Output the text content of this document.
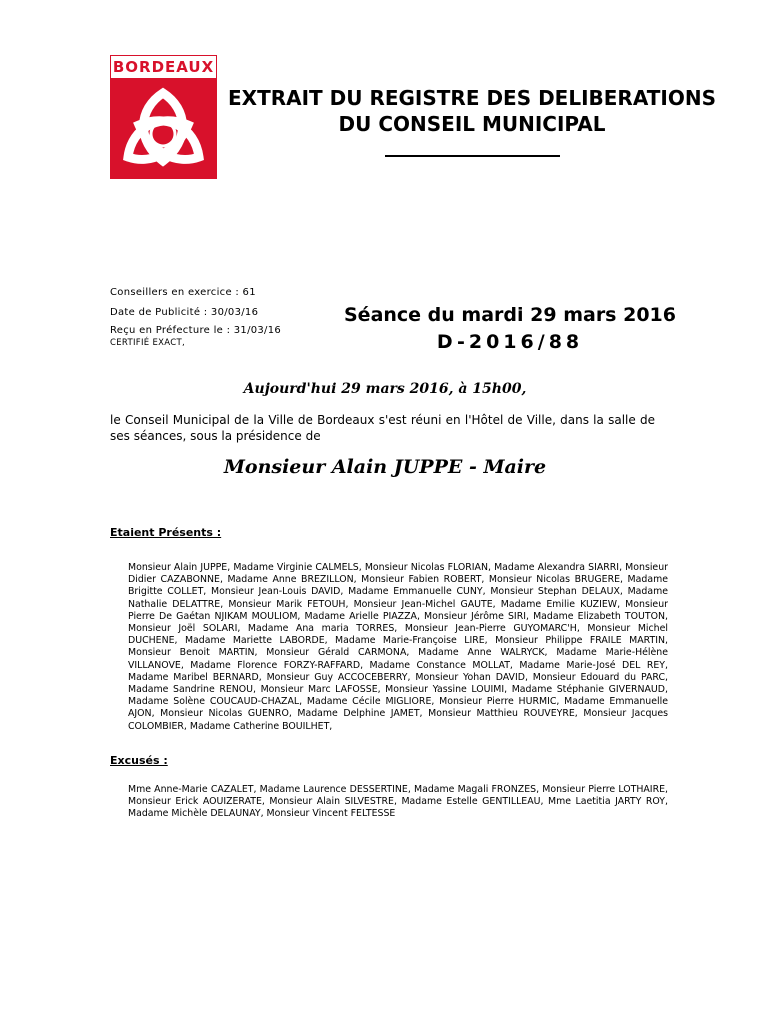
BORDEAUX
EXTRAIT DU REGISTRE DES DELIBERATIONS
DU CONSEIL MUNICIPAL
Conseillers en exercice : 61
Date de Publicité : 30/03/16
Reçu en Préfecture le : 31/03/16
CERTIFIÉ EXACT,
Séance du mardi 29 mars 2016
D-2016/88
Aujourd'hui 29 mars 2016, à 15h00,
le Conseil Municipal de la Ville de Bordeaux s'est réuni en l'Hôtel de Ville, dans la salle de ses séances, sous la présidence de
Monsieur Alain JUPPE - Maire
Etaient Présents :
Monsieur Alain JUPPE, Madame Virginie CALMELS, Monsieur Nicolas FLORIAN, Madame Alexandra SIARRI, Monsieur Didier CAZABONNE, Madame Anne BREZILLON, Monsieur Fabien ROBERT, Monsieur Nicolas BRUGERE, Madame Brigitte COLLET, Monsieur Jean-Louis DAVID, Madame Emmanuelle CUNY, Monsieur Stephan DELAUX, Madame Nathalie DELATTRE, Monsieur Marik FETOUH, Monsieur Jean-Michel GAUTE, Madame Emilie KUZIEW, Monsieur Pierre De Gaétan NJIKAM MOULIOM, Madame Arielle PIAZZA, Monsieur Jérôme SIRI, Madame Elizabeth TOUTON, Monsieur Joël SOLARI, Madame Ana maria TORRES, Monsieur Jean-Pierre GUYOMARC'H, Monsieur Michel DUCHENE, Madame Mariette LABORDE, Madame Marie-Françoise LIRE, Monsieur Philippe FRAILE MARTIN, Monsieur Benoit MARTIN, Monsieur Gérald CARMONA, Madame Anne WALRYCK, Madame Marie-Hélène VILLANOVE, Madame Florence FORZY-RAFFARD, Madame Constance MOLLAT, Madame Marie-José DEL REY, Madame Maribel BERNARD, Monsieur Guy ACCOCEBERRY, Monsieur Yohan DAVID, Monsieur Edouard du PARC, Madame Sandrine RENOU, Monsieur Marc LAFOSSE, Monsieur Yassine LOUIMI, Madame Stéphanie GIVERNAUD, Madame Solène COUCAUD-CHAZAL, Madame Cécile MIGLIORE, Monsieur Pierre HURMIC, Madame Emmanuelle AJON, Monsieur Nicolas GUENRO, Madame Delphine JAMET, Monsieur Matthieu ROUVEYRE, Monsieur Jacques COLOMBIER, Madame Catherine BOUILHET,
Excusés :
Mme Anne-Marie CAZALET, Madame Laurence DESSERTINE, Madame Magali FRONZES, Monsieur Pierre LOTHAIRE, Monsieur Erick AOUIZERATE, Monsieur Alain SILVESTRE, Madame Estelle GENTILLEAU, Mme Laetitia JARTY ROY, Madame Michèle DELAUNAY, Monsieur Vincent FELTESSE
